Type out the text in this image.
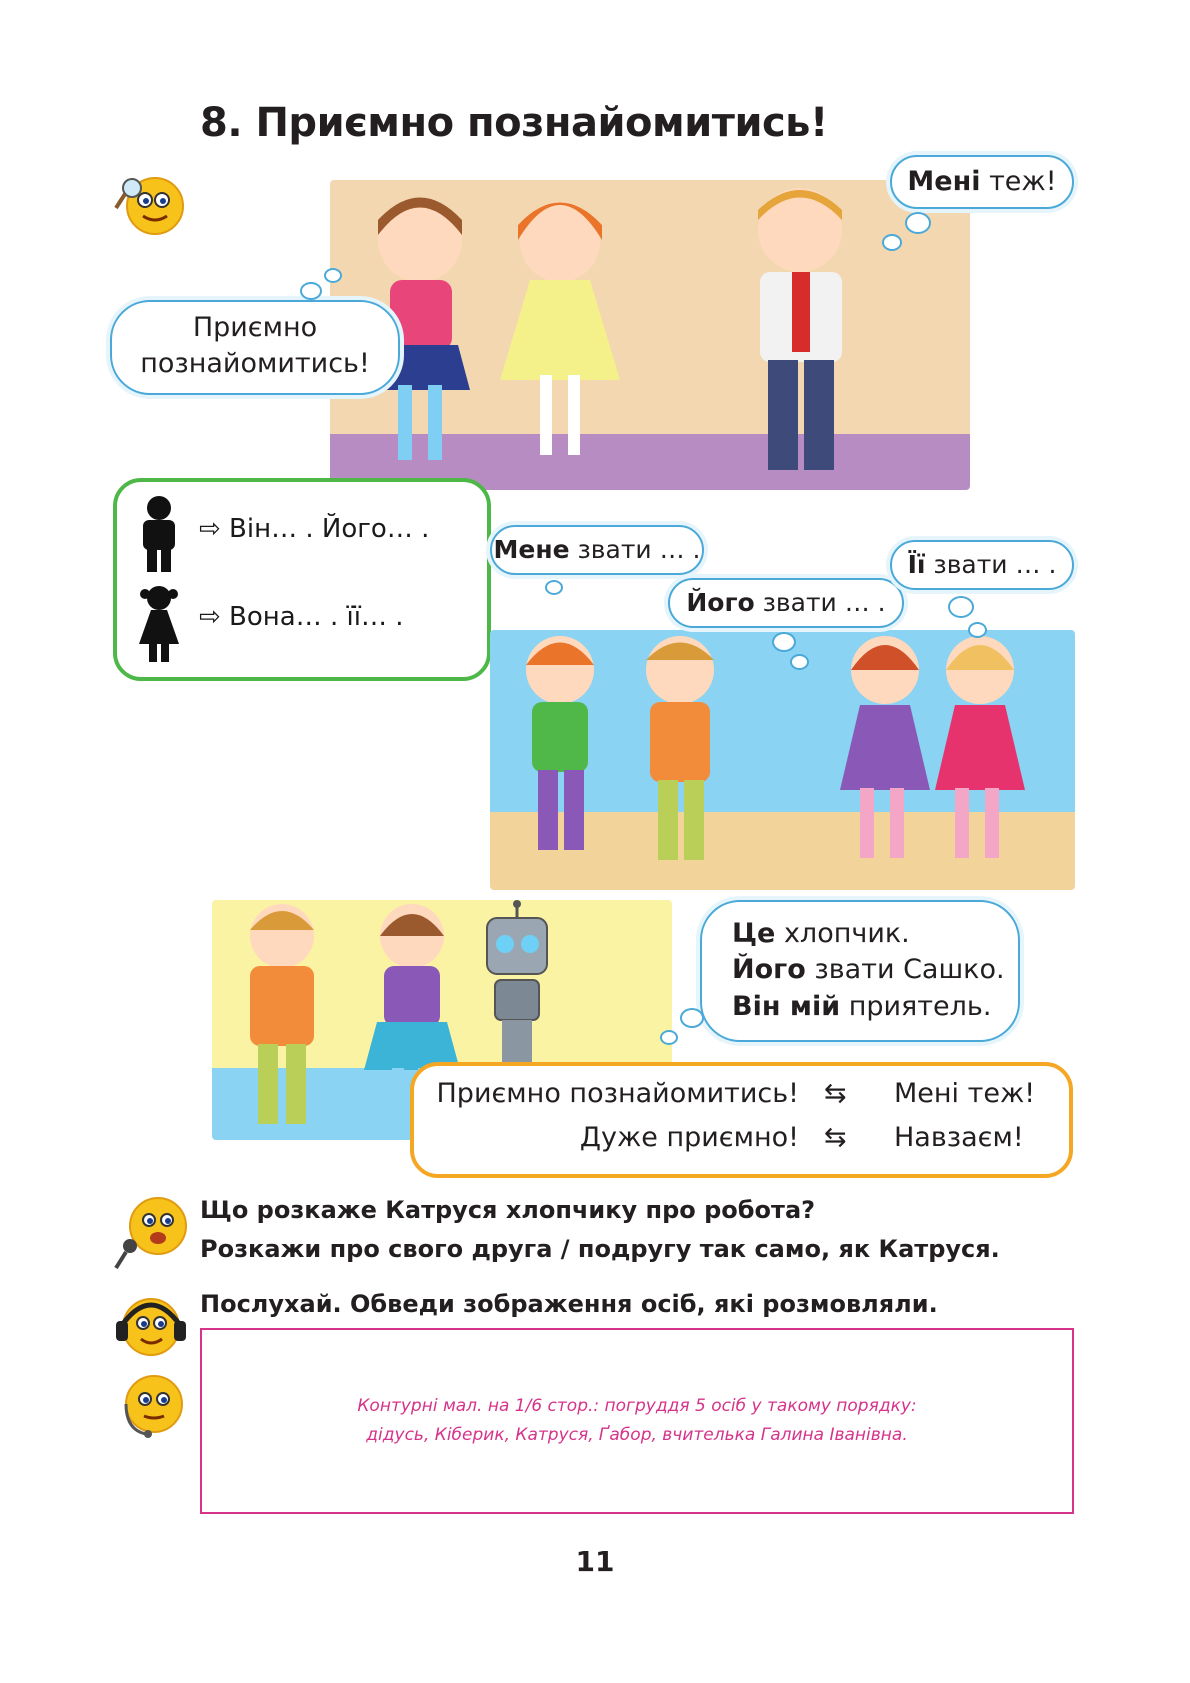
8. Приємно познайомитись!
Приємно
познайомитись!
Мені теж!
⇨ Він… . Його… .
⇨ Вона… . її… .
Мене звати … .
Його звати … .
Її звати … .
Це хлопчик.
Його звати Сашко.
Він мій приятель.
Приємно познайомитись! ⇆ Мені теж!
Дуже приємно! ⇆ Навзаєм!
Що розкаже Катруся хлопчику про робота?
Розкажи про свого друга / подругу так само, як Катруся.
Послухай. Обведи зображення осіб, які розмовляли.
Контурні мал. на 1/6 стор.: погруддя 5 осіб у такому порядку:
дідусь, Кіберик, Катруся, Ґабор, вчителька Галина Іванівна.
11
